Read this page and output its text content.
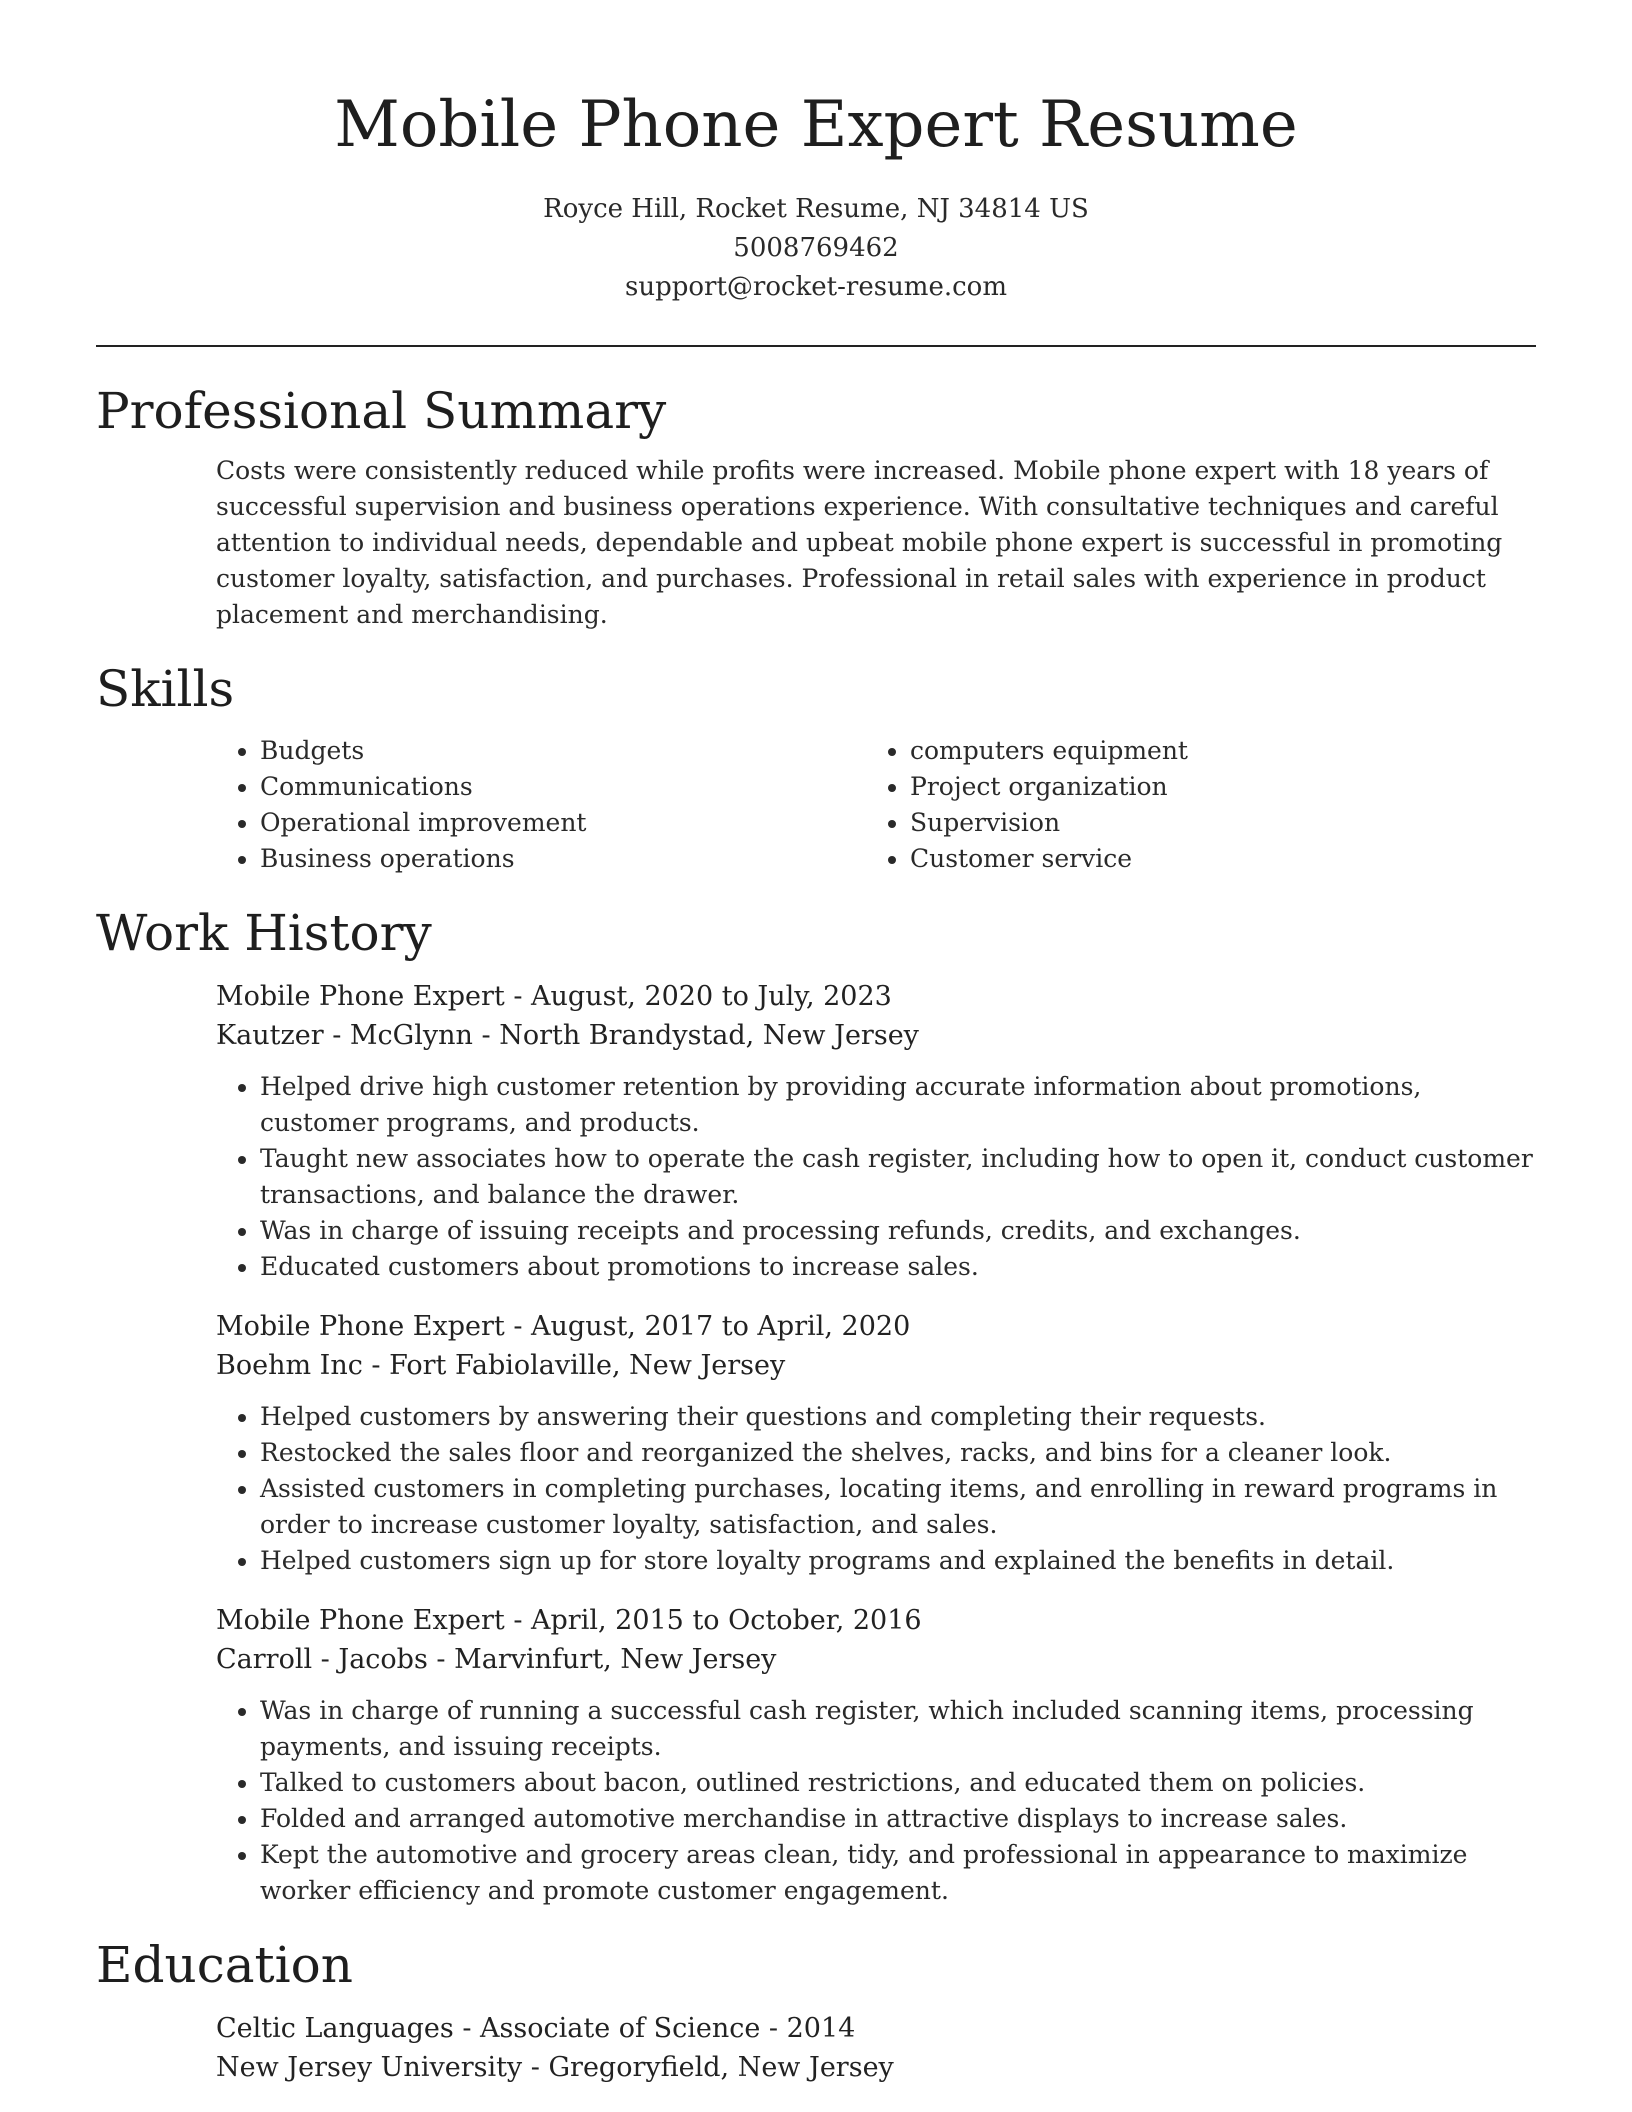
Mobile Phone Expert Resume
Royce Hill, Rocket Resume, NJ 34814 US
5008769462
support@rocket-resume.com
Professional Summary

Costs were consistently reduced while profits were increased. Mobile phone expert with 18 years of successful supervision and business operations experience. With consultative techniques and careful attention to individual needs, dependable and upbeat mobile phone expert is successful in promoting customer loyalty, satisfaction, and purchases. Professional in retail sales with experience in product placement and merchandising.

Skills
• Budgets
• Communications
• Operational improvement
• Business operations
• computers equipment
• Project organization
• Supervision
• Customer service
Work History
Mobile Phone Expert - August, 2020 to July, 2023
Kautzer - McGlynn - North Brandystad, New Jersey
• Helped drive high customer retention by providing accurate information about promotions, customer programs, and products.
• Taught new associates how to operate the cash register, including how to open it, conduct customer transactions, and balance the drawer.
• Was in charge of issuing receipts and processing refunds, credits, and exchanges.
• Educated customers about promotions to increase sales.
Mobile Phone Expert - August, 2017 to April, 2020
Boehm Inc - Fort Fabiolaville, New Jersey
• Helped customers by answering their questions and completing their requests.
• Restocked the sales floor and reorganized the shelves, racks, and bins for a cleaner look.
• Assisted customers in completing purchases, locating items, and enrolling in reward programs in order to increase customer loyalty, satisfaction, and sales.
• Helped customers sign up for store loyalty programs and explained the benefits in detail.
Mobile Phone Expert - April, 2015 to October, 2016
Carroll - Jacobs - Marvinfurt, New Jersey
• Was in charge of running a successful cash register, which included scanning items, processing payments, and issuing receipts.
• Talked to customers about bacon, outlined restrictions, and educated them on policies.
• Folded and arranged automotive merchandise in attractive displays to increase sales.
• Kept the automotive and grocery areas clean, tidy, and professional in appearance to maximize worker efficiency and promote customer engagement.
Education
Celtic Languages - Associate of Science - 2014
New Jersey University - Gregoryfield, New Jersey
